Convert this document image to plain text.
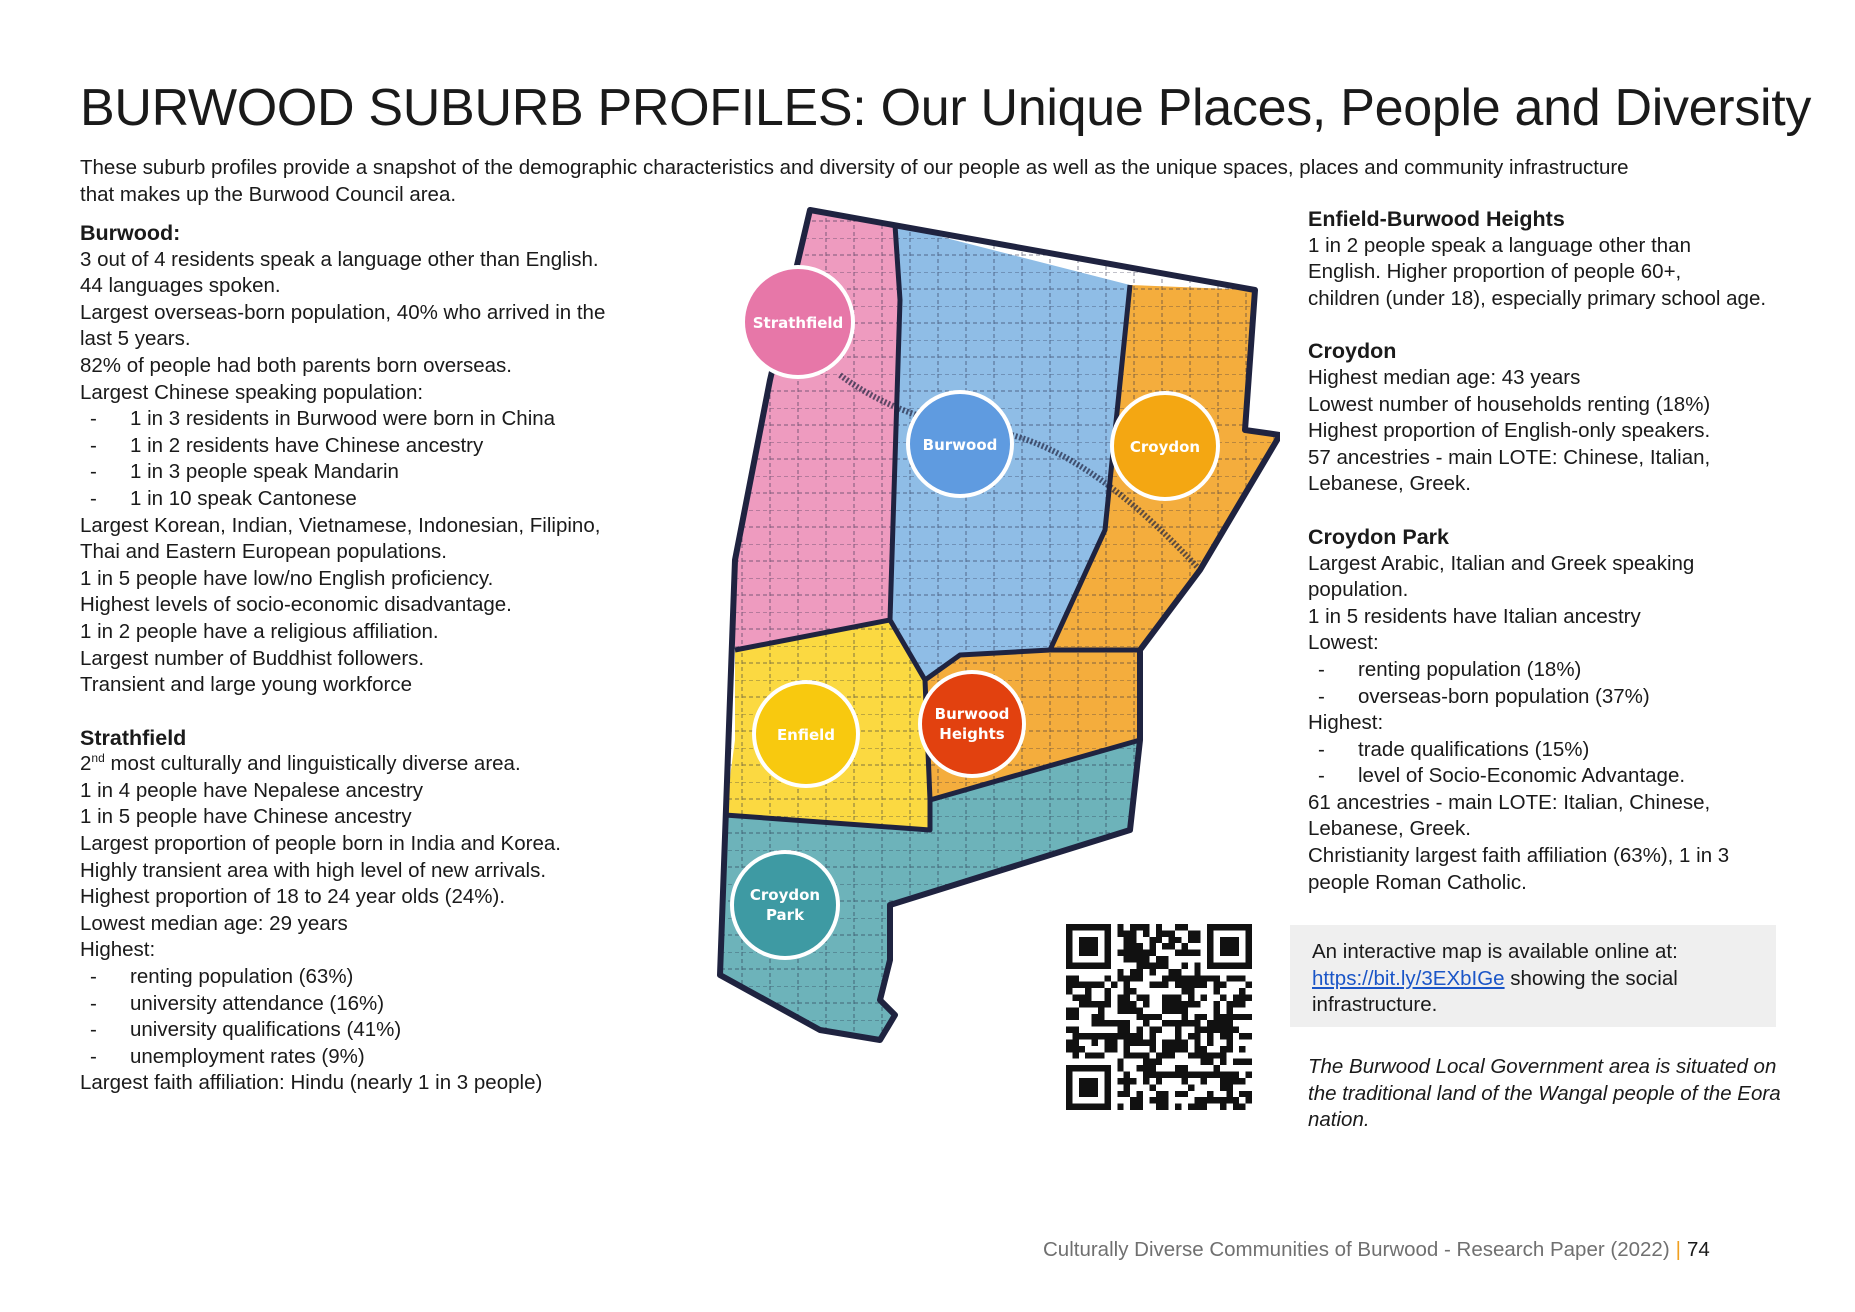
BURWOOD SUBURB PROFILES: Our Unique Places, People and Diversity

These suburb profiles provide a snapshot of the demographic characteristics and diversity of our people as well as the unique spaces, places and community infrastructure that makes up the Burwood Council area.

Burwood:
3 out of 4 residents speak a language other than English.
44 languages spoken.
Largest overseas-born population, 40% who arrived in the
last 5 years.
82% of people had both parents born overseas.
Largest Chinese speaking population:
- 1 in 3 residents in Burwood were born in China
- 1 in 2 residents have Chinese ancestry
- 1 in 3 people speak Mandarin
- 1 in 10 speak Cantonese
Largest Korean, Indian, Vietnamese, Indonesian, Filipino,
Thai and Eastern European populations.
1 in 5 people have low/no English proficiency.
Highest levels of socio-economic disadvantage.
1 in 2 people have a religious affiliation.
Largest number of Buddhist followers.
Transient and large young workforce
Strathfield
2nd most culturally and linguistically diverse area.
1 in 4 people have Nepalese ancestry
1 in 5 people have Chinese ancestry
Largest proportion of people born in India and Korea.
Highly transient area with high level of new arrivals.
Highest proportion of 18 to 24 year olds (24%).
Lowest median age: 29 years
Highest:
- renting population (63%)
- university attendance (16%)
- university qualifications (41%)
- unemployment rates (9%)
Largest faith affiliation: Hindu (nearly 1 in 3 people)
Strathfield
Burwood	Croydon
Enfield
Burwood
Heights
Croydon
Park
Enfield-Burwood Heights
1 in 2 people speak a language other than
English. Higher proportion of people 60+,
children (under 18), especially primary school age.
Croydon
Highest median age: 43 years
Lowest number of households renting (18%)
Highest proportion of English-only speakers.
57 ancestries - main LOTE: Chinese, Italian,
Lebanese, Greek.
Croydon Park
Largest Arabic, Italian and Greek speaking
population.
1 in 5 residents have Italian ancestry
Lowest:
- renting population (18%)
- overseas-born population (37%)
Highest:
- trade qualifications (15%)
- level of Socio-Economic Advantage.
61 ancestries - main LOTE: Italian, Chinese,
Lebanese, Greek.
Christianity largest faith affiliation (63%), 1 in 3
people Roman Catholic.
An interactive map is available online at:
https://bit.ly/3EXbIGe showing the social infrastructure.
The Burwood Local Government area is situated on the traditional land of the Wangal people of the Eora nation.
Culturally Diverse Communities of Burwood - Research Paper (2022) | 74
